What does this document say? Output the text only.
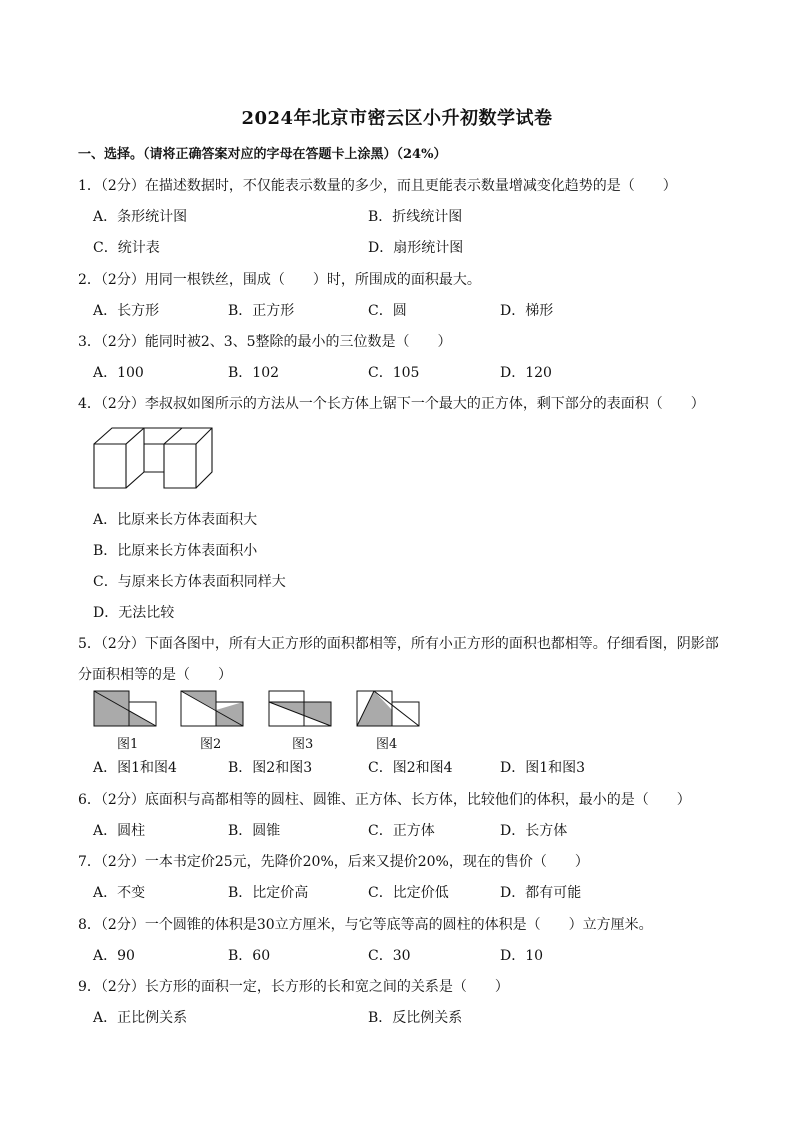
2024年北京市密云区小升初数学试卷
一、选择。（请将正确答案对应的字母在答题卡上涂黑）（24%）
1．（2分）在描述数据时，不仅能表示数量的多少，而且更能表示数量增减变化趋势的是（　　）
A．条形统计图	B．折线统计图
C．统计表	D．扇形统计图
2．（2分）用同一根铁丝，围成（　　）时，所围成的面积最大。
A．长方形	B．正方形	C．圆	D．梯形
3．（2分）能同时被2、3、5整除的最小的三位数是（　　）
A．100	B．102	C．105	D．120
4．（2分）李叔叔如图所示的方法从一个长方体上锯下一个最大的正方体，剩下部分的表面积（　　）
A．比原来长方体表面积大
B．比原来长方体表面积小
C．与原来长方体表面积同样大
D．无法比较
5．（2分）下面各图中，所有大正方形的面积都相等，所有小正方形的面积也都相等。仔细看图，阴影部
分面积相等的是（　　）
图1	图2	图3	图4
A．图1和图4	B．图2和图3	C．图2和图4	D．图1和图3
6．（2分）底面积与高都相等的圆柱、圆锥、正方体、长方体，比较他们的体积，最小的是（　　）
A．圆柱	B．圆锥	C．正方体	D．长方体
7．（2分）一本书定价25元，先降价20%，后来又提价20%，现在的售价（　　）
A．不变	B．比定价高	C．比定价低	D．都有可能
8．（2分）一个圆锥的体积是30立方厘米，与它等底等高的圆柱的体积是（　　）立方厘米。
A．90	B．60	C．30	D．10
9．（2分）长方形的面积一定，长方形的长和宽之间的关系是（　　）
A．正比例关系	B．反比例关系
